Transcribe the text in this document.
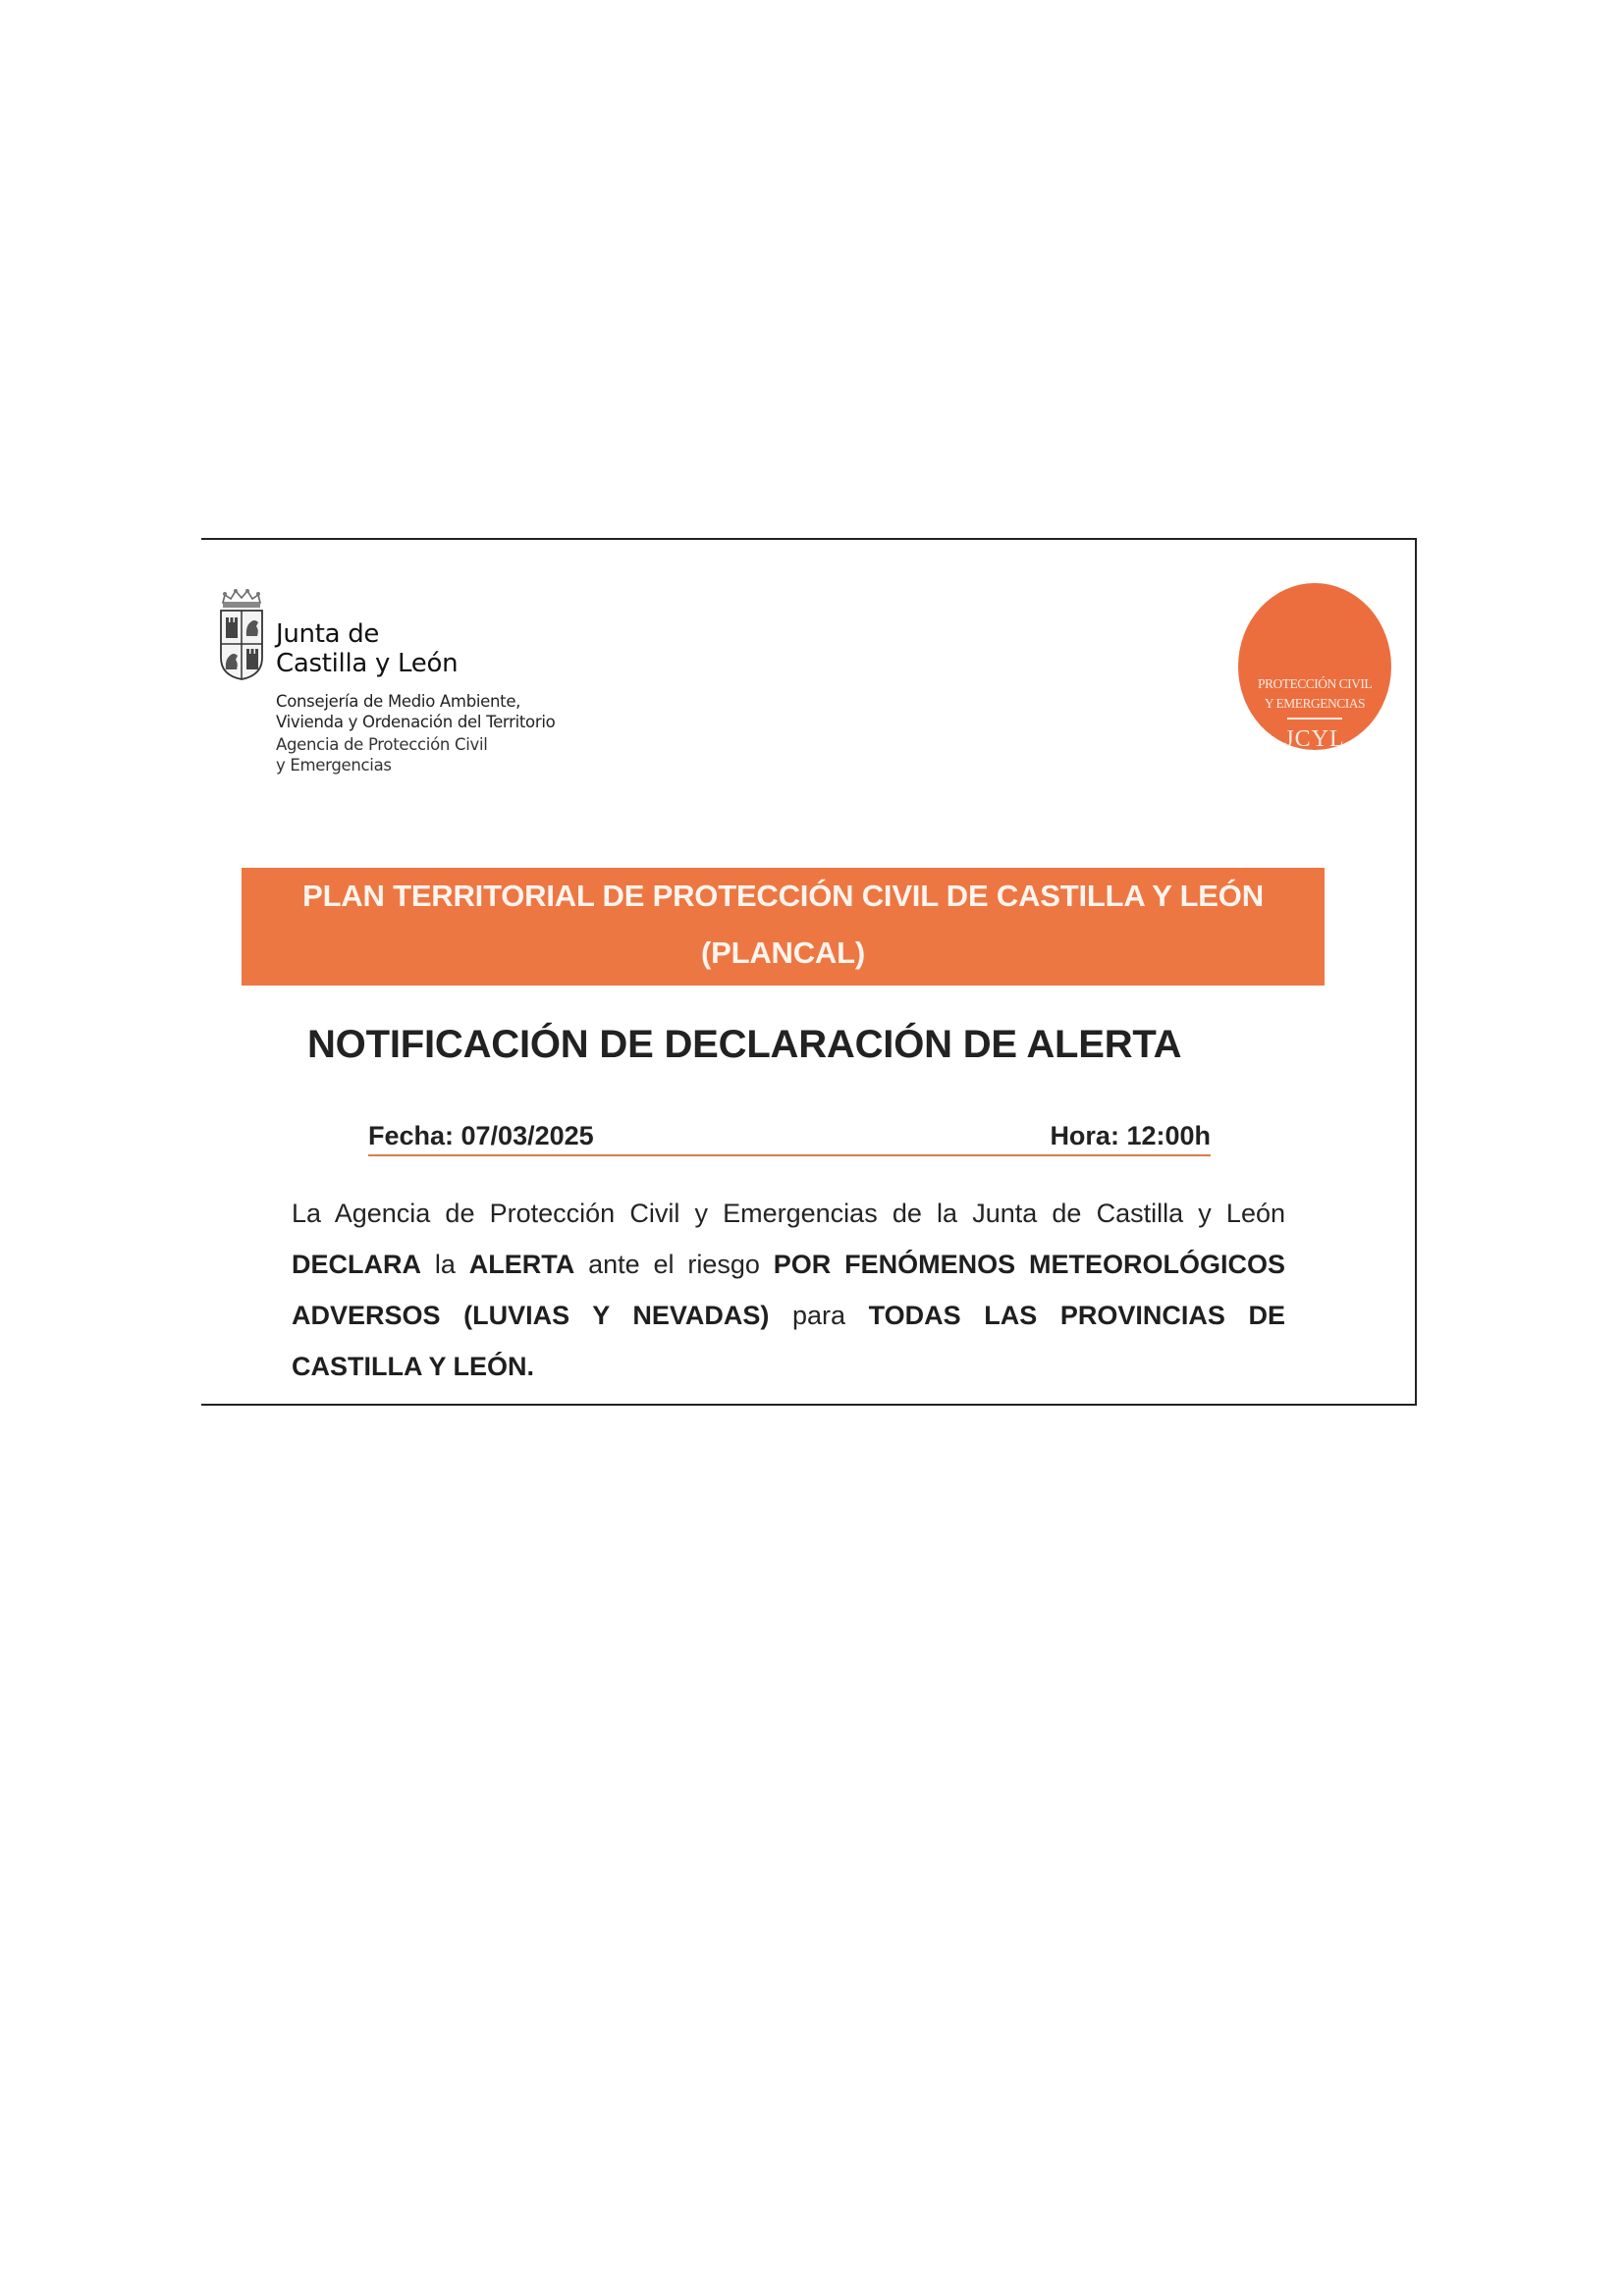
Junta de
Castilla y León
Consejería de Medio Ambiente,
Vivienda y Ordenación del Territorio
Agencia de Protección Civil
y Emergencias
PROTECCIÓN CIVIL
Y EMERGENCIAS
JCYL
PLAN TERRITORIAL DE PROTECCIÓN CIVIL DE CASTILLA Y LEÓN
(PLANCAL)
NOTIFICACIÓN DE DECLARACIÓN DE ALERTA
Fecha: 07/03/2025	Hora: 12:00h
La Agencia de Protección Civil y Emergencias de la Junta de Castilla y León DECLARA la ALERTA ante el riesgo POR FENÓMENOS METEOROLÓGICOS ADVERSOS (LUVIAS Y NEVADAS) para TODAS LAS PROVINCIAS DE CASTILLA Y LEÓN.
